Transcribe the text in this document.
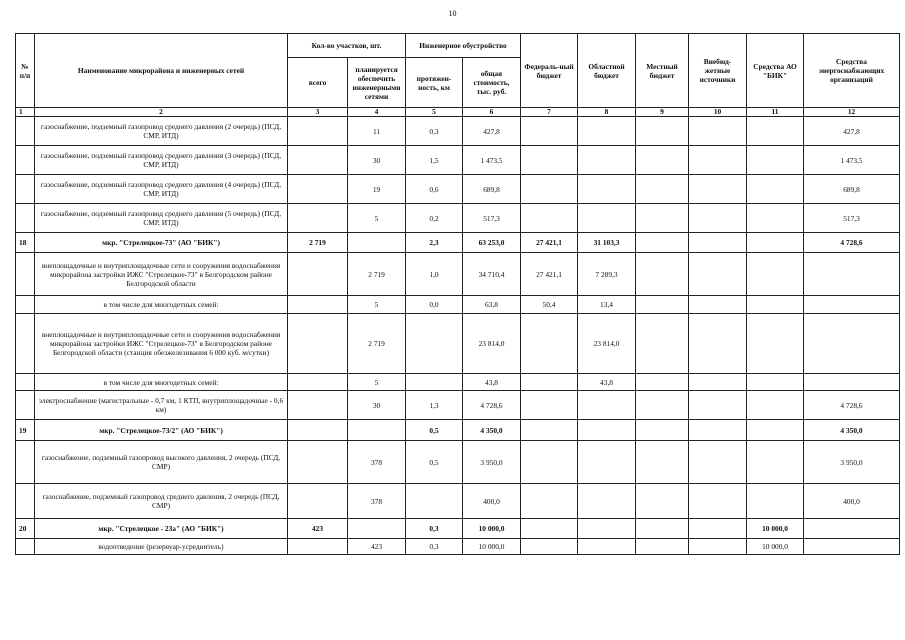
10
№ п/п	Наименование микрорайона и инженерных сетей	Кол-во участков, шт.		Инженерное обустройство		Федераль-ный бюджет	Областной бюджет	Местный бюджет	Внебюд-жетные источники	Средства АО "БИК"	Средства энергоснабжающих организаций
		всего	планируется обеспечить инженерными сетями	протяжен-ность, км	общая стоимость, тыс. руб.						
1	2	3	4	5	6	7	8	9	10	11	12
	газоснабжение, подземный газопровод среднего давления (2 очередь) (ПСД, СМР, ИТД)		11	0,3	427,8						427,8
	газоснабжение, подземный газопровод среднего давления (3 очередь) (ПСД, СМР, ИТД)		30	1,5	1 473,5						1 473,5
	газоснабжение, подземный газопровод среднего давления (4 очередь) (ПСД, СМР, ИТД)		19	0,6	689,8						689,8
	газоснабжение, подземный газопровод среднего давления (5 очередь) (ПСД, СМР, ИТД)		5	0,2	517,3						517,3
18	мкр. "Стрелецкое-73" (АО "БИК")	2 719		2,3	63 253,0	27 421,1	31 103,3				4 728,6
	внеплощадочные и внутриплощадочные сети и сооружения водоснабжения микрорайона застройки ИЖС "Стрелецкое-73" в Белгородском районе Белгородской области		2 719	1,0	34 710,4	27 421,1	7 289,3				
	в том числе для многодетных семей:		5	0,0	63,8	50,4	13,4				
	внеплощадочные и внутриплощадочные сети и сооружения водоснабжения микрорайона застройки ИЖС "Стрелецкое-73" в Белгородском районе Белгородской области (станция обезжелезивания 6 000 куб. м/сутки)		2 719		23 814,0		23 814,0				
	в том числе для многодетных семей:		5		43,8		43,8				
	электроснабжение (магистральные - 0,7 км, 1 КТП, внутриплощадочные - 0,6 км)		30	1,3	4 728,6						4 728,6
19	мкр. "Стрелецкое-73/2" (АО "БИК")			0,5	4 350,0						4 350,0
	газоснабжение, подземный газопровод высокого давления, 2 очередь (ПСД, СМР)		378	0,5	3 950,0						3 950,0
	газоснабжение, подземный газопровод среднего давления, 2 очередь (ПСД, СМР)		378		400,0						400,0
20	мкр. "Стрелецкое - 23а" (АО "БИК")	423		0,3	10 000,0					10 000,0	
	водоотведение (резервуар-усреднитель)		423	0,3	10 000,0					10 000,0	
